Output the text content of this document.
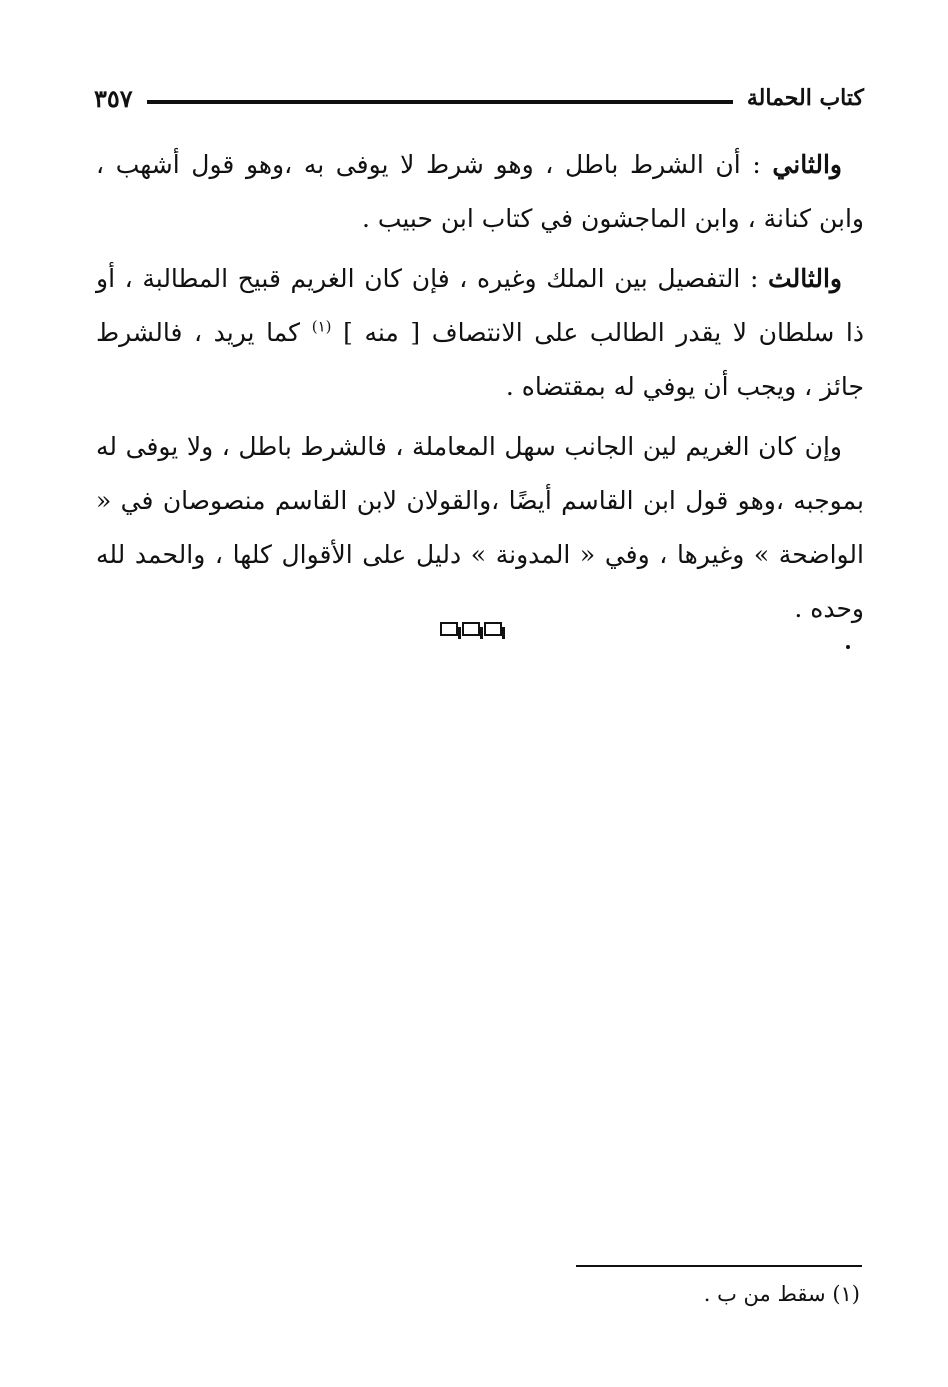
كتاب الحمالة
٣٥٧

والثاني : أن الشرط باطل ، وهو شرط لا يوفى به ،وهو قول أشهب ، وابن كنانة ، وابن الماجشون في كتاب ابن حبيب .

والثالث : التفصيل بين الملك وغيره ، فإن كان الغريم قبيح المطالبة ، أو ذا سلطان لا يقدر الطالب على الانتصاف [ منه ] $^{(١)}$ كما يريد ، فالشرط جائز ، ويجب أن يوفي له بمقتضاه .

وإن كان الغريم لين الجانب سهل المعاملة ، فالشرط باطل ، ولا يوفى له بموجبه ،وهو قول ابن القاسم أيضًا ،والقولان لابن القاسم منصوصان في « الواضحة » وغيرها ، وفي « المدونة » دليل على الأقوال كلها ، والحمد لله وحده .

(١) سقط من ب .
